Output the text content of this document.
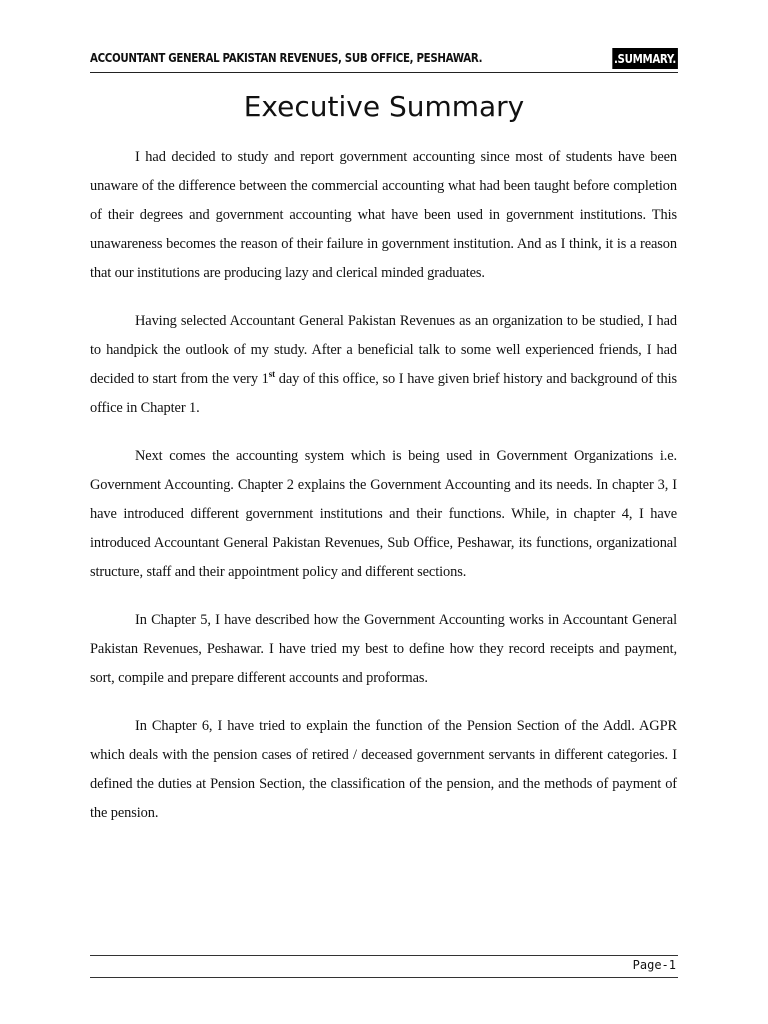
ACCOUNTANT GENERAL PAKISTAN REVENUES, SUB OFFICE, PESHAWAR.	.SUMMARY.
Executive Summary

I had decided to study and report government accounting since most of students have been unaware of the difference between the commercial accounting what had been taught before completion of their degrees and government accounting what have been used in government institutions. This unawareness becomes the reason of their failure in government institution. And as I think, it is a reason that our institutions are producing lazy and clerical minded graduates.

Having selected Accountant General Pakistan Revenues as an organization to be studied, I had to handpick the outlook of my study. After a beneficial talk to some well experienced friends, I had decided to start from the very 1st day of this office, so I have given brief history and background of this office in Chapter 1.

Next comes the accounting system which is being used in Government Organizations i.e. Government Accounting. Chapter 2 explains the Government Accounting and its needs. In chapter 3, I have introduced different government institutions and their functions. While, in chapter 4, I have introduced Accountant General Pakistan Revenues, Sub Office, Peshawar, its functions, organizational structure, staff and their appointment policy and different sections.

In Chapter 5, I have described how the Government Accounting works in Accountant General Pakistan Revenues, Peshawar. I have tried my best to define how they record receipts and payment, sort, compile and prepare different accounts and proformas.

In Chapter 6, I have tried to explain the function of the Pension Section of the Addl. AGPR which deals with the pension cases of retired / deceased government servants in different categories. I defined the duties at Pension Section, the classification of the pension, and the methods of payment of the pension.

Page-1
